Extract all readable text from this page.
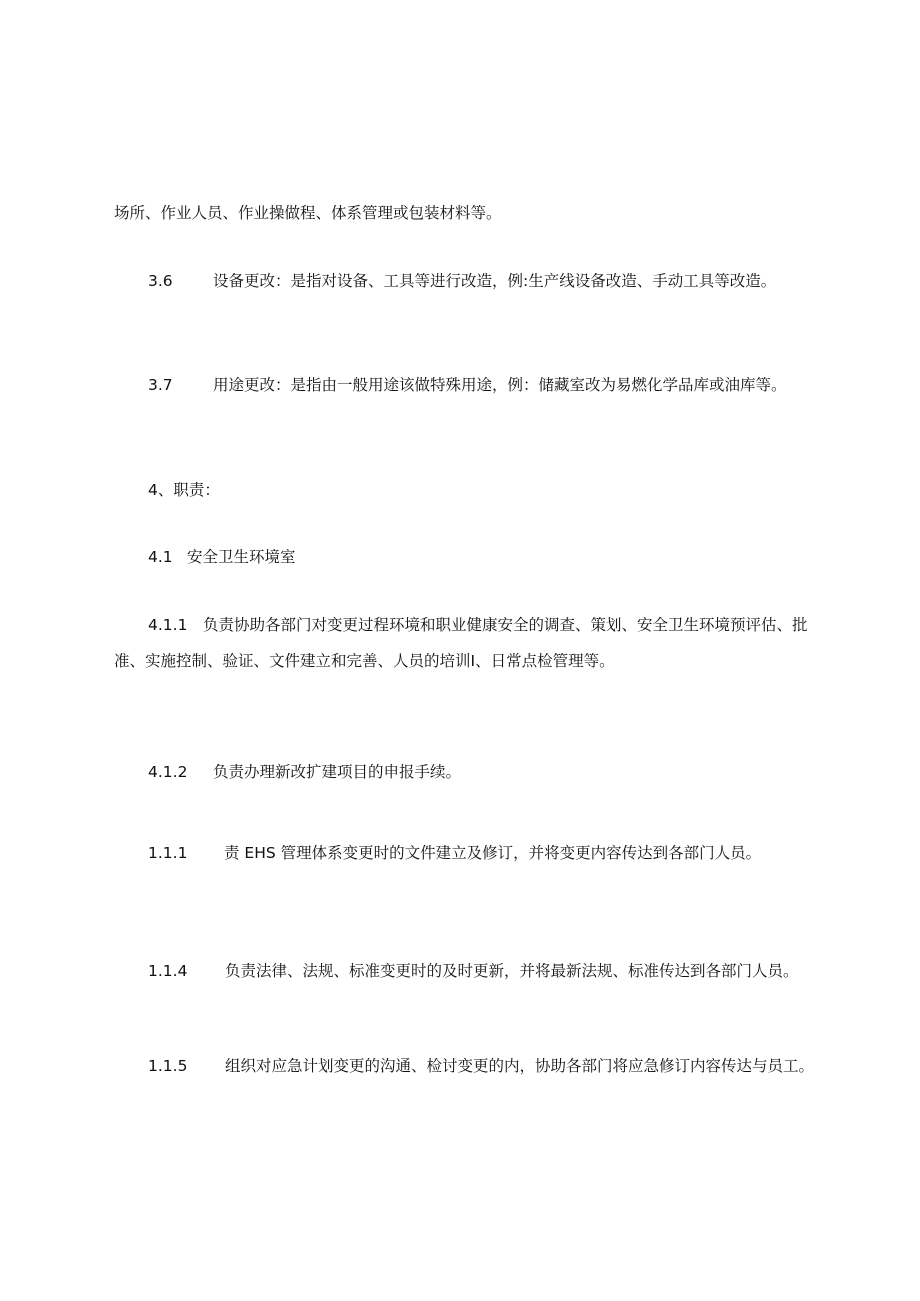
场所、作业人员、作业操做程、体系管理或包装材料等。
3.6	设备更改：是指对设备、工具等进行改造，例:生产线设备改造、手动工具等改造。
3.7	用途更改：是指由一般用途该做特殊用途，例：储藏室改为易燃化学品库或油库等。
4、职责：
4.1 安全卫生环境室
4.1.1 负责协助各部门对变更过程环境和职业健康安全的调查、策划、安全卫生环境预评估、批
准、实施控制、验证、文件建立和完善、人员的培训Ⅰ、日常点检管理等。
4.1.2 负责办理新改扩建项目的申报手续。
1.1.1 责 EHS 管理体系变更时的文件建立及修订，并将变更内容传达到各部门人员。
1.1.4 负责法律、法规、标准变更时的及时更新，并将最新法规、标准传达到各部门人员。
1.1.5 组织对应急计划变更的沟通、检讨变更的内，协助各部门将应急修订内容传达与员工。
